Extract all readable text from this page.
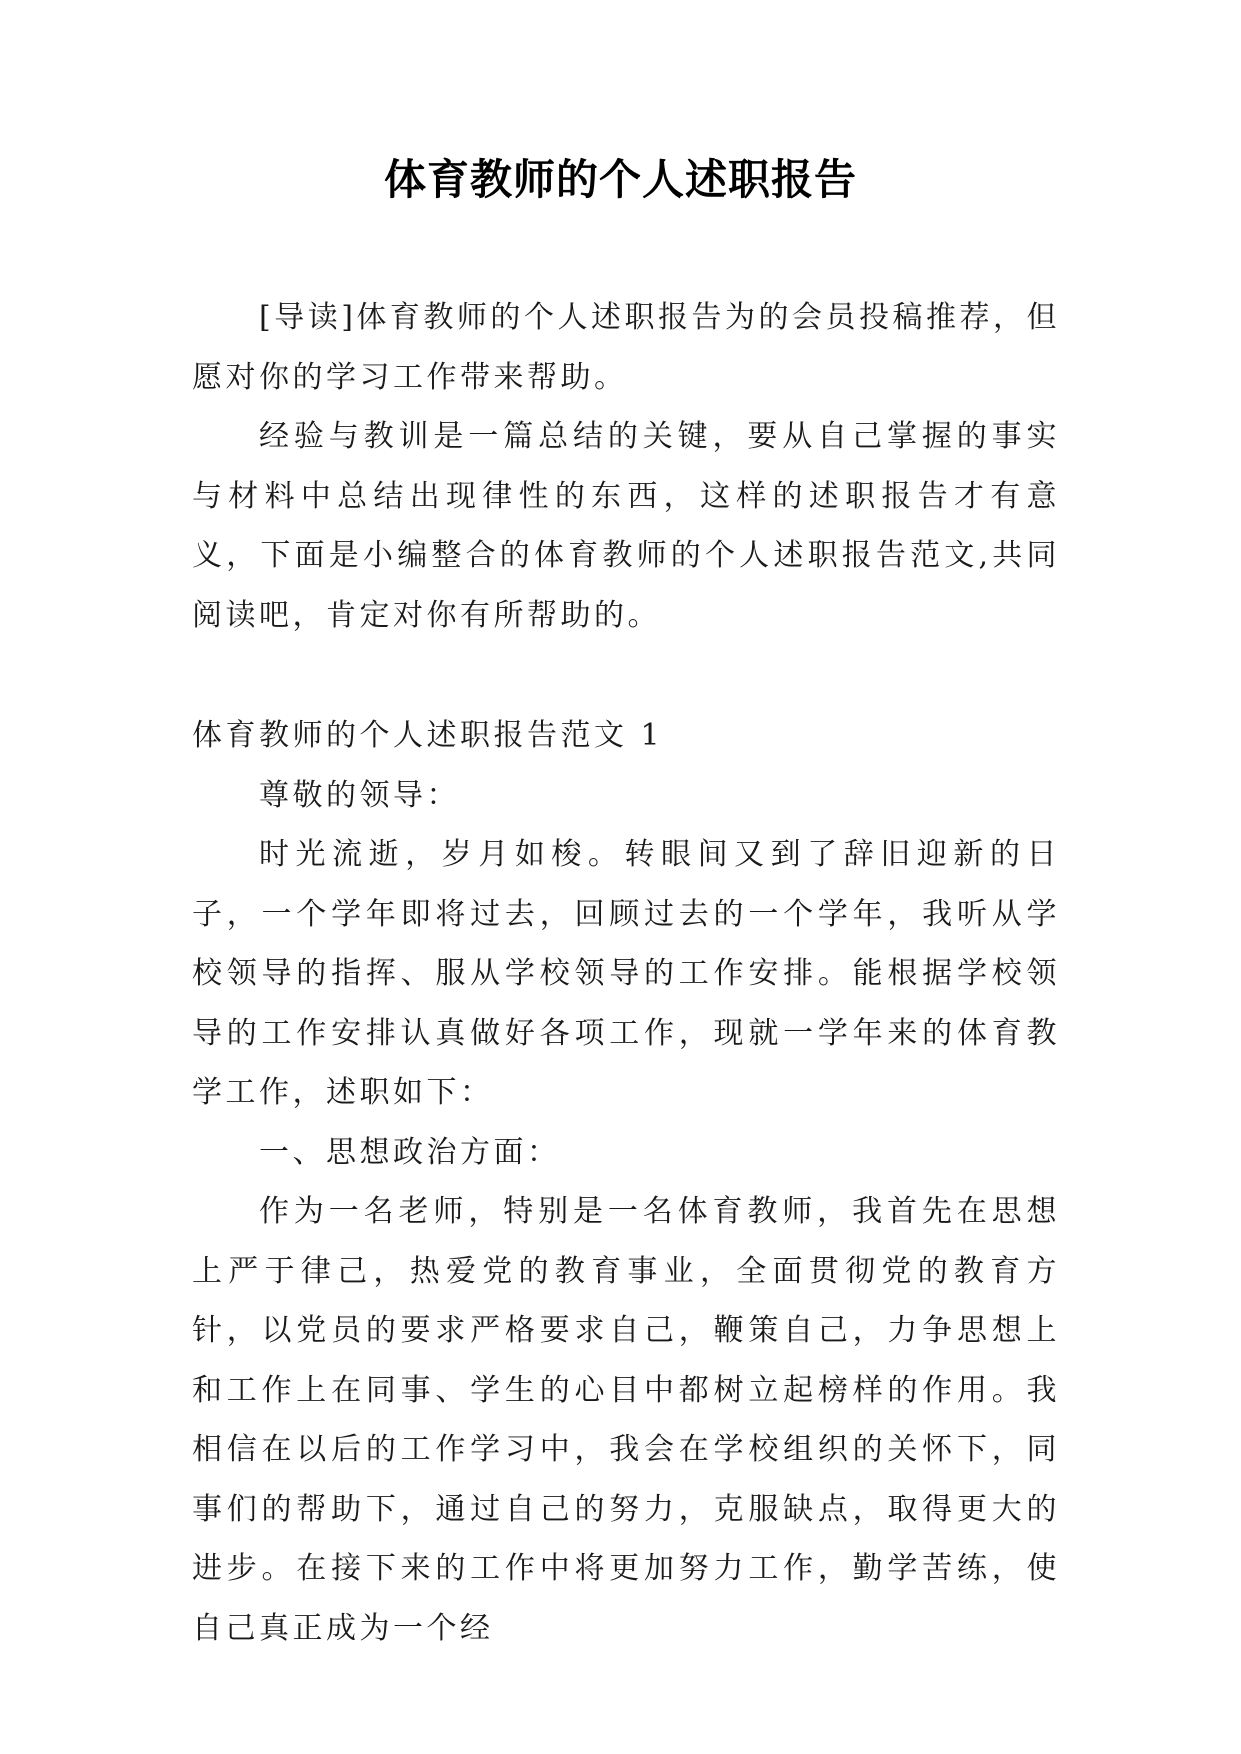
体育教师的个人述职报告

[导读]体育教师的个人述职报告为的会员投稿推荐，但愿对你的学习工作带来帮助。

经验与教训是一篇总结的关键，要从自己掌握的事实与材料中总结出现律性的东西，这样的述职报告才有意义，下面是小编整合的体育教师的个人述职报告范文,共同阅读吧，肯定对你有所帮助的。

体育教师的个人述职报告范文 1

尊敬的领导：

时光流逝，岁月如梭。转眼间又到了辞旧迎新的日子，一个学年即将过去，回顾过去的一个学年，我听从学校领导的指挥、服从学校领导的工作安排。能根据学校领导的工作安排认真做好各项工作，现就一学年来的体育教学工作，述职如下：

一、思想政治方面：

作为一名老师，特别是一名体育教师，我首先在思想上严于律己，热爱党的教育事业，全面贯彻党的教育方针，以党员的要求严格要求自己，鞭策自己，力争思想上和工作上在同事、学生的心目中都树立起榜样的作用。我相信在以后的工作学习中，我会在学校组织的关怀下，同事们的帮助下，通过自己的努力，克服缺点，取得更大的进步。在接下来的工作中将更加努力工作，勤学苦练，使自己真正成为一个经
